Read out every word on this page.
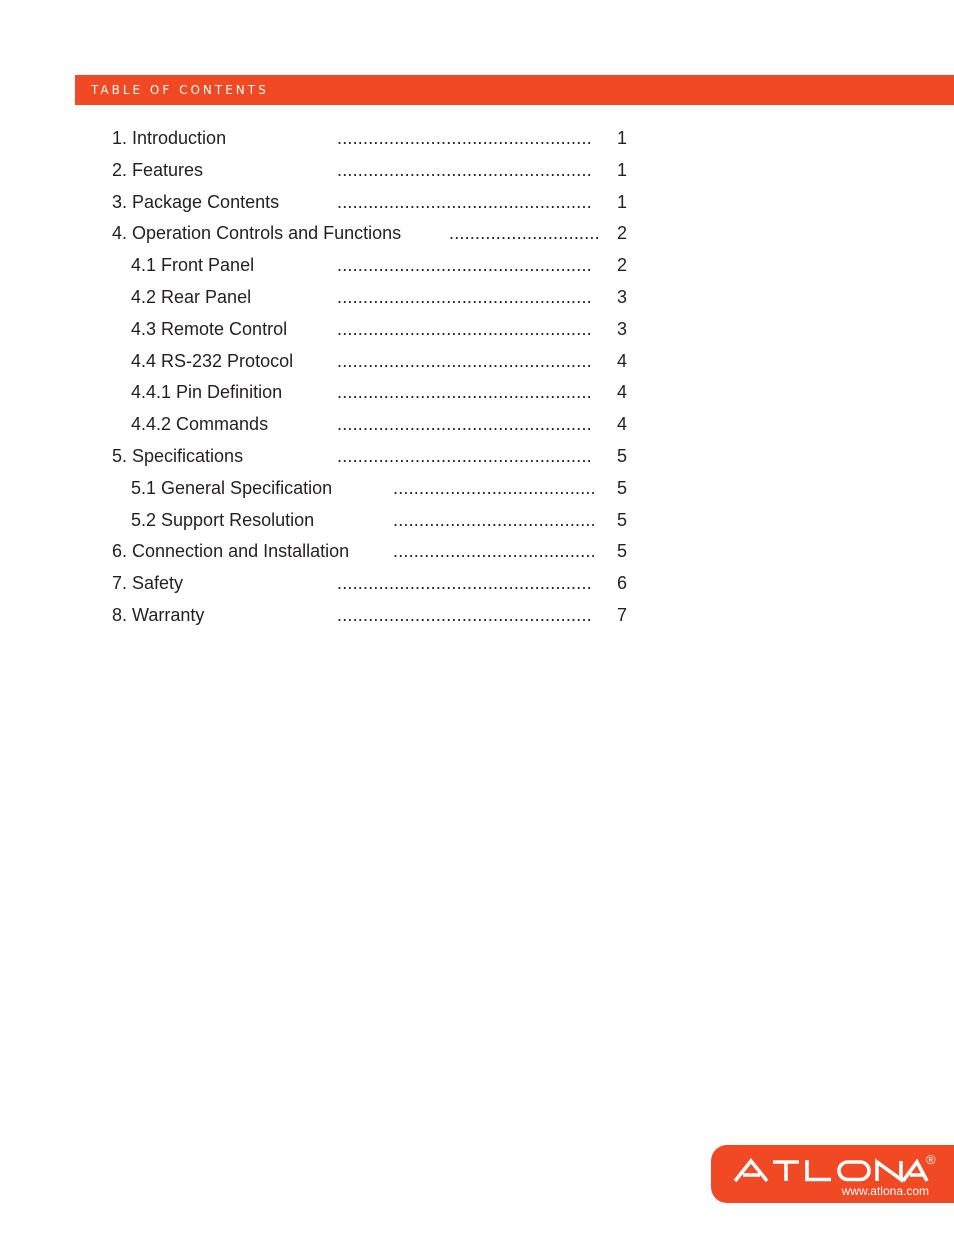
TABLE OF CONTENTS
1. Introduction	................................................. 1
2. Features	................................................. 1
3. Package Contents	................................................. 1
4. Operation Controls and Functions	............................. 2
4.1 Front Panel	................................................. 2
4.2 Rear Panel	................................................. 3
4.3 Remote Control	................................................. 3
4.4 RS-232 Protocol ................................................. 4
4.4.1 Pin Definition	................................................. 4
4.4.2 Commands	................................................. 4
5. Specifications	................................................. 5
5.1 General Specification	....................................... 5
5.2 Support Resolution	....................................... 5
6. Connection and Installation ....................................... 5
7. Safety	................................................. 6
8. Warranty	................................................. 7
®
www.atlona.com
